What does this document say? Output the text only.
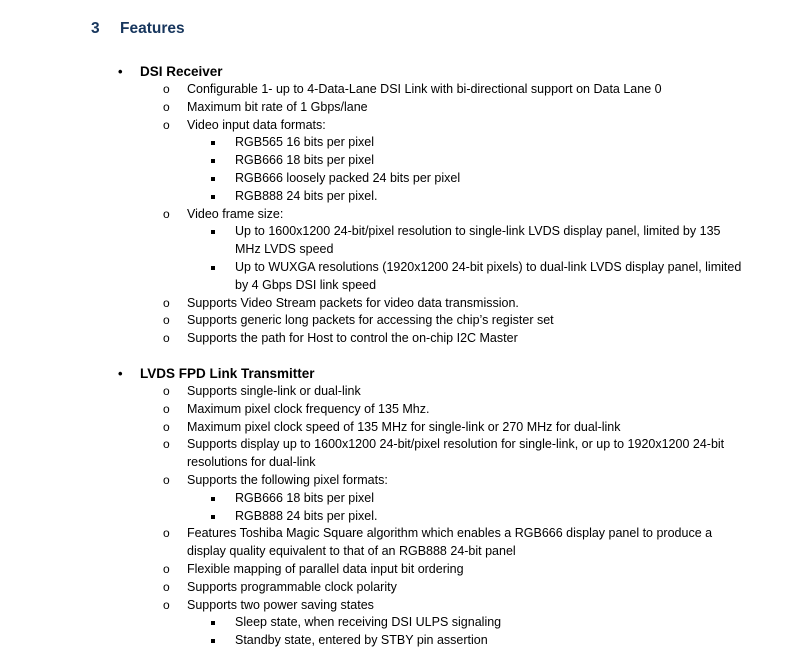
3	Features
• DSI Receiver
o Configurable 1- up to 4-Data-Lane DSI Link with bi-directional support on Data Lane 0
o Maximum bit rate of 1 Gbps/lane
o Video input data formats:
RGB565 16 bits per pixel
RGB666 18 bits per pixel
RGB666 loosely packed 24 bits per pixel
RGB888 24 bits per pixel.
o Video frame size:
Up to 1600x1200 24-bit/pixel resolution to single-link LVDS display panel, limited by 135 MHz LVDS speed
Up to WUXGA resolutions (1920x1200 24-bit pixels) to dual-link LVDS display panel, limited by 4 Gbps DSI link speed
o Supports Video Stream packets for video data transmission.
o Supports generic long packets for accessing the chip’s register set
o Supports the path for Host to control the on-chip I2C Master
• LVDS FPD Link Transmitter
o Supports single-link or dual-link
o Maximum pixel clock frequency of 135 Mhz.
o Maximum pixel clock speed of 135 MHz for single-link or 270 MHz for dual-link
o Supports display up to 1600x1200 24-bit/pixel resolution for single-link, or up to 1920x1200 24-bit resolutions for dual-link
o Supports the following pixel formats:
RGB666 18 bits per pixel
RGB888 24 bits per pixel.
o Features Toshiba Magic Square algorithm which enables a RGB666 display panel to produce a display quality equivalent to that of an RGB888 24-bit panel
o Flexible mapping of parallel data input bit ordering
o Supports programmable clock polarity
o Supports two power saving states
Sleep state, when receiving DSI ULPS signaling
Standby state, entered by STBY pin assertion
